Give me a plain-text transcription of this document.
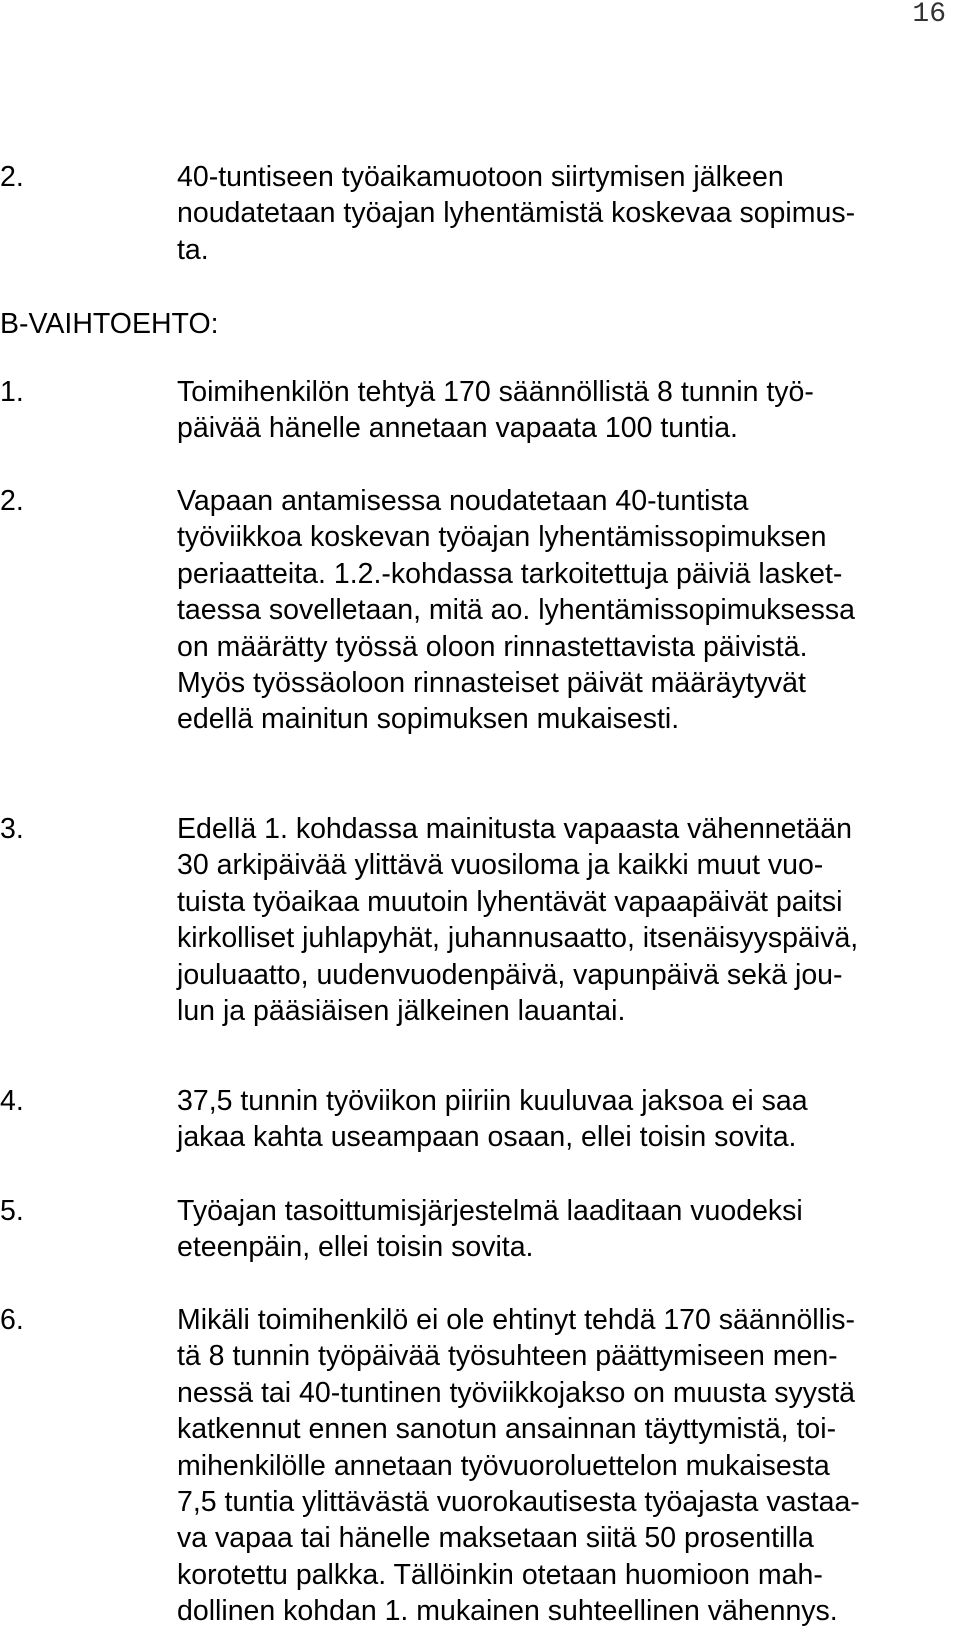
16
2.	40-tuntiseen työaikamuotoon siirtymisen jälkeen
noudatetaan työajan lyhentämistä koskevaa sopimus-
ta.
B-VAIHTOEHTO:
1.	Toimihenkilön tehtyä 170 säännöllistä 8 tunnin työ-
päivää hänelle annetaan vapaata 100 tuntia.
2.	Vapaan antamisessa noudatetaan 40-tuntista
työviikkoa koskevan työajan lyhentämissopimuksen
periaatteita. 1.2.-kohdassa tarkoitettuja päiviä lasket-
taessa sovelletaan, mitä ao. lyhentämissopimuksessa
on määrätty työssä oloon rinnastettavista päivistä.
Myös työssäoloon rinnasteiset päivät määräytyvät
edellä mainitun sopimuksen mukaisesti.
3.	Edellä 1. kohdassa mainitusta vapaasta vähennetään
30 arkipäivää ylittävä vuosiloma ja kaikki muut vuo-
tuista työaikaa muutoin lyhentävät vapaapäivät paitsi
kirkolliset juhlapyhät, juhannusaatto, itsenäisyyspäivä,
jouluaatto, uudenvuodenpäivä, vapunpäivä sekä jou-
lun ja pääsiäisen jälkeinen lauantai.
4.	37,5 tunnin työviikon piiriin kuuluvaa jaksoa ei saa
jakaa kahta useampaan osaan, ellei toisin sovita.
5.	Työajan tasoittumisjärjestelmä laaditaan vuodeksi
eteenpäin, ellei toisin sovita.
6.	Mikäli toimihenkilö ei ole ehtinyt tehdä 170 säännöllis-
tä 8 tunnin työpäivää työsuhteen päättymiseen men-
nessä tai 40-tuntinen työviikkojakso on muusta syystä
katkennut ennen sanotun ansainnan täyttymistä, toi-
mihenkilölle annetaan työvuoroluettelon mukaisesta
7,5 tuntia ylittävästä vuorokautisesta työajasta vastaa-
va vapaa tai hänelle maksetaan siitä 50 prosentilla
korotettu palkka. Tällöinkin otetaan huomioon mah-
dollinen kohdan 1. mukainen suhteellinen vähennys.
